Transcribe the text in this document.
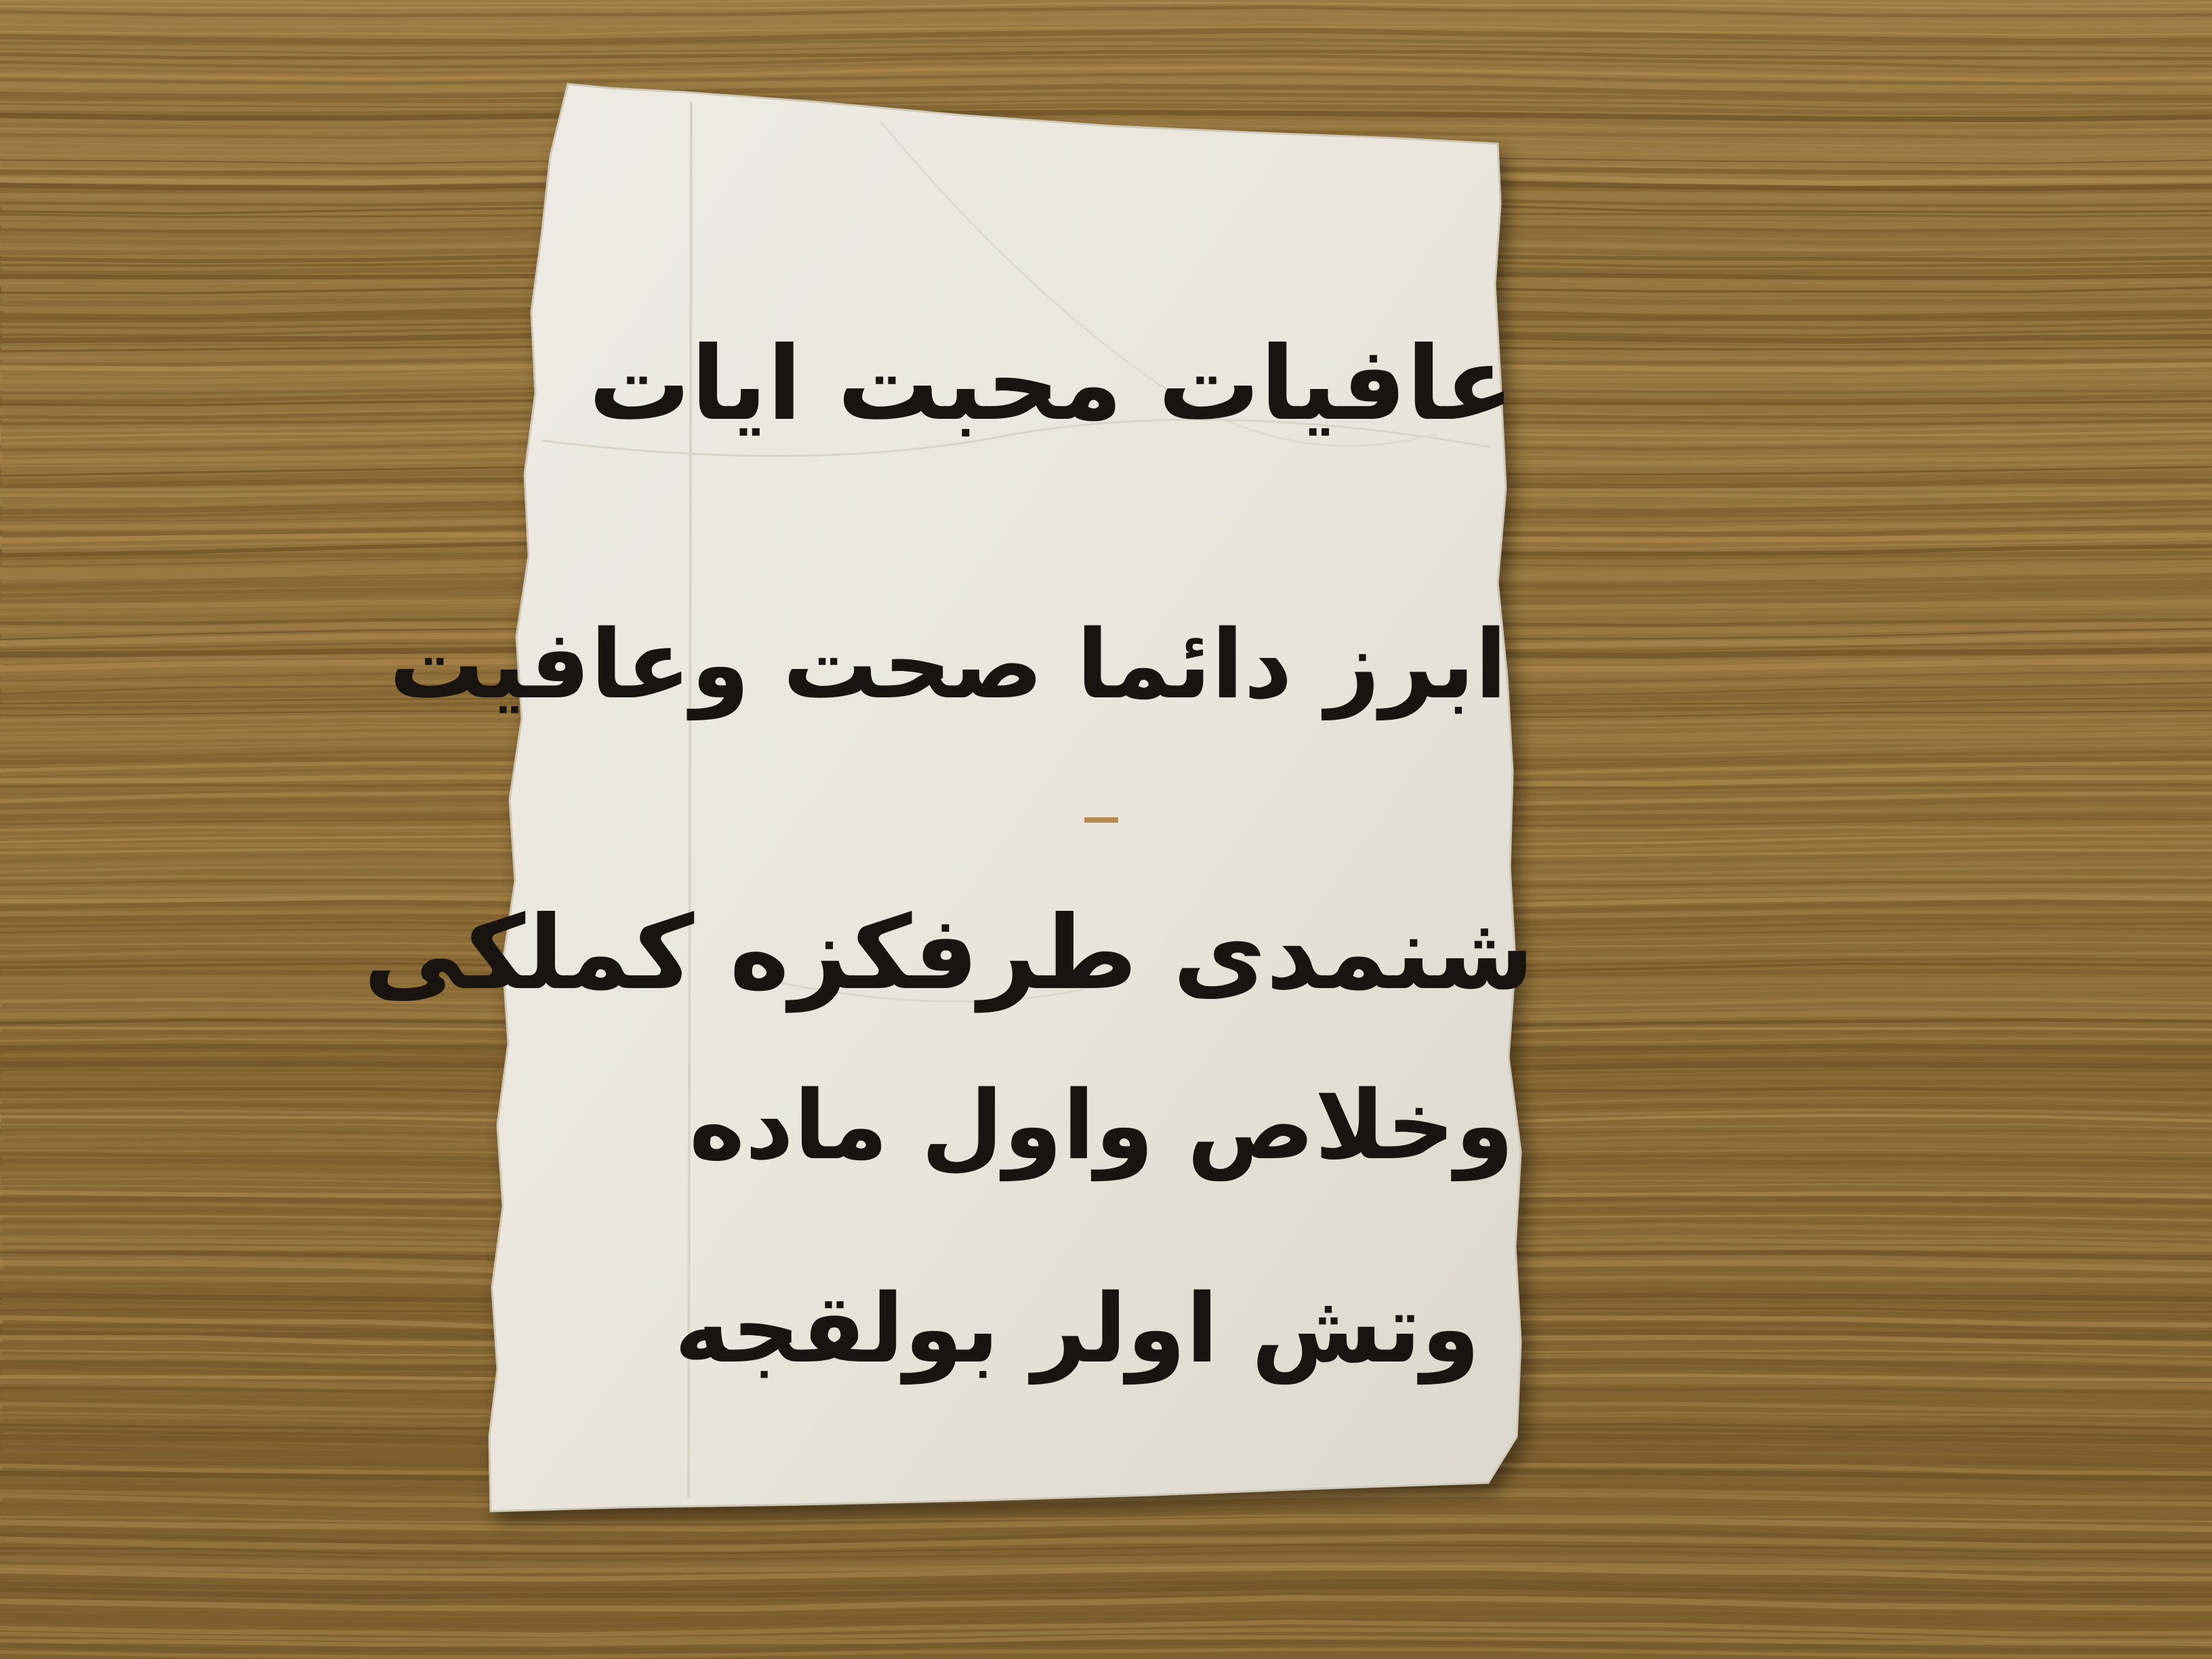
عافيات محبت ايات
ابرز دائما صحت وعافيت
شنمدى طرفكزه كملكى
وخلاص واول ماده
وتش اولر بولقجه
